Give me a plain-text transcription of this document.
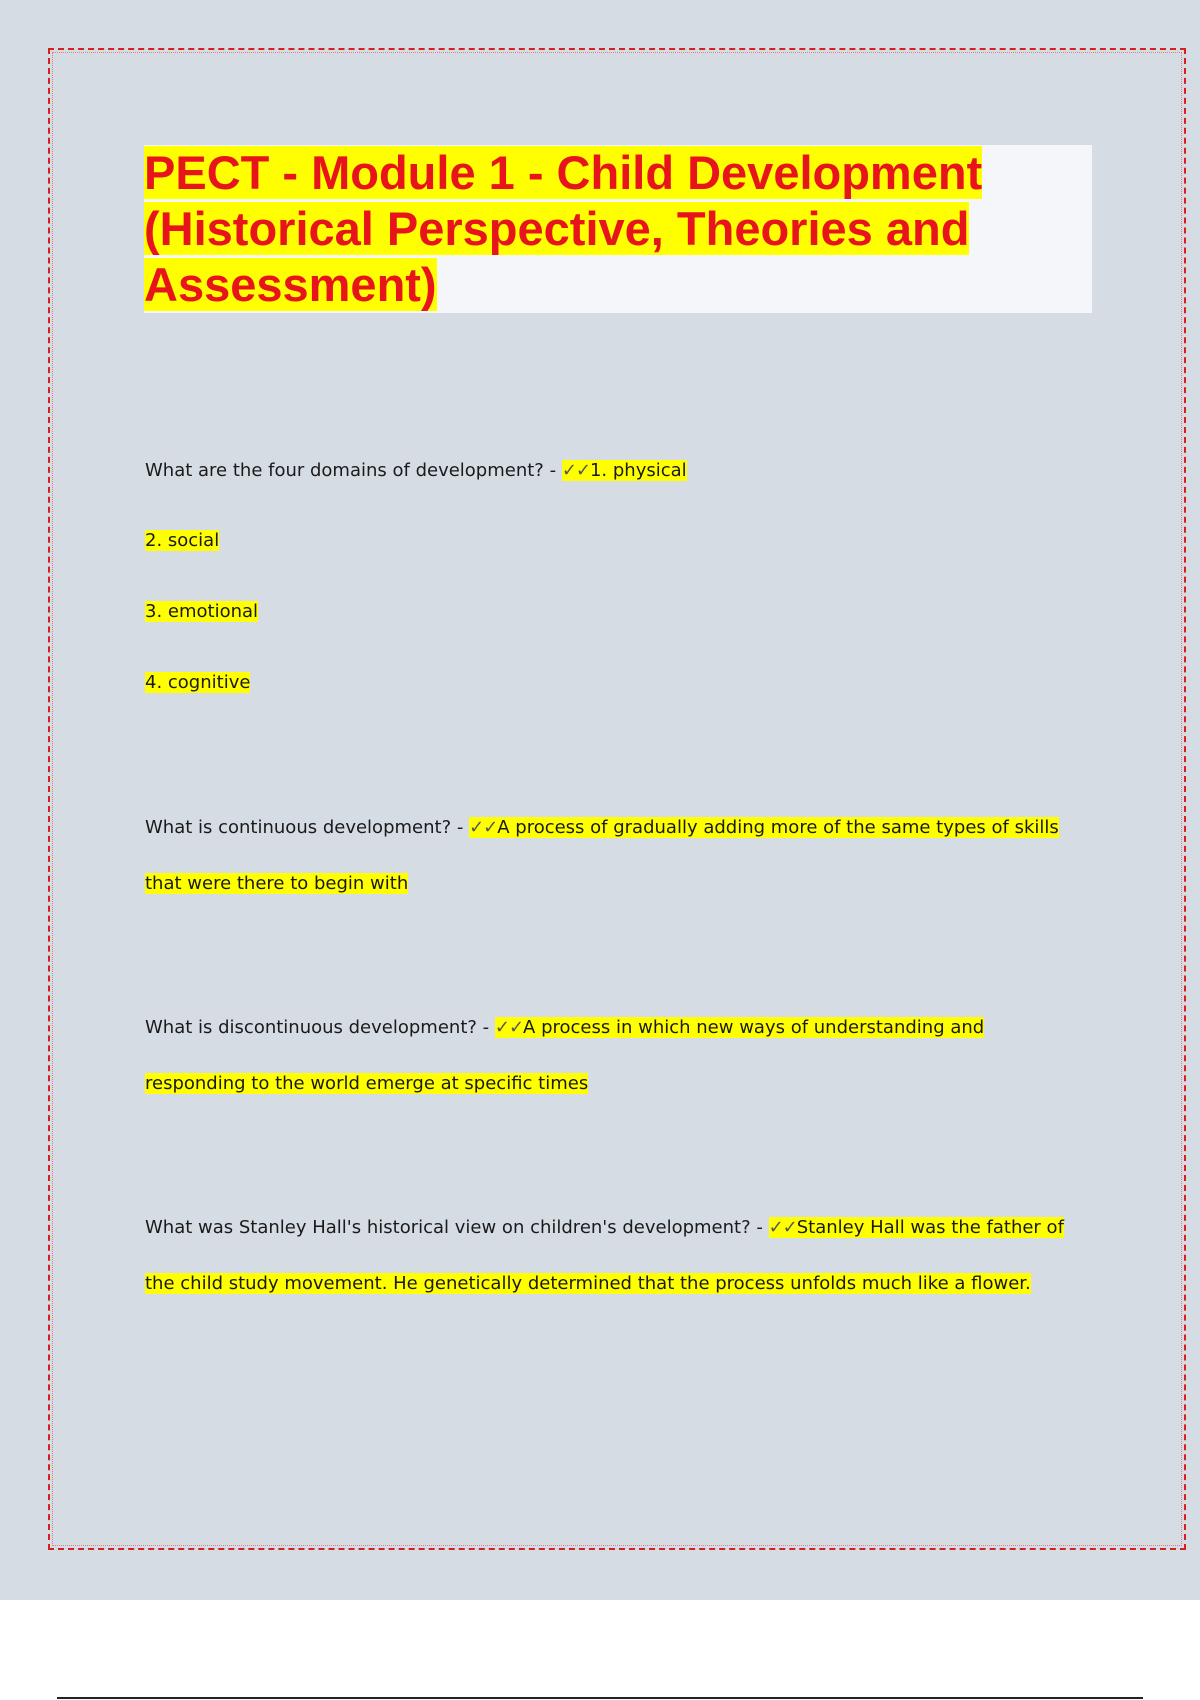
PECT - Module 1 - Child Development (Historical Perspective, Theories and Assessment)
What are the four domains of development? - ✓✓1. physical
2. social
3. emotional
4. cognitive
What is continuous development? - ✓✓A process of gradually adding more of the same types of skills
that were there to begin with
What is discontinuous development? - ✓✓A process in which new ways of understanding and
responding to the world emerge at specific times
What was Stanley Hall's historical view on children's development? - ✓✓Stanley Hall was the father of
the child study movement. He genetically determined that the process unfolds much like a flower.
